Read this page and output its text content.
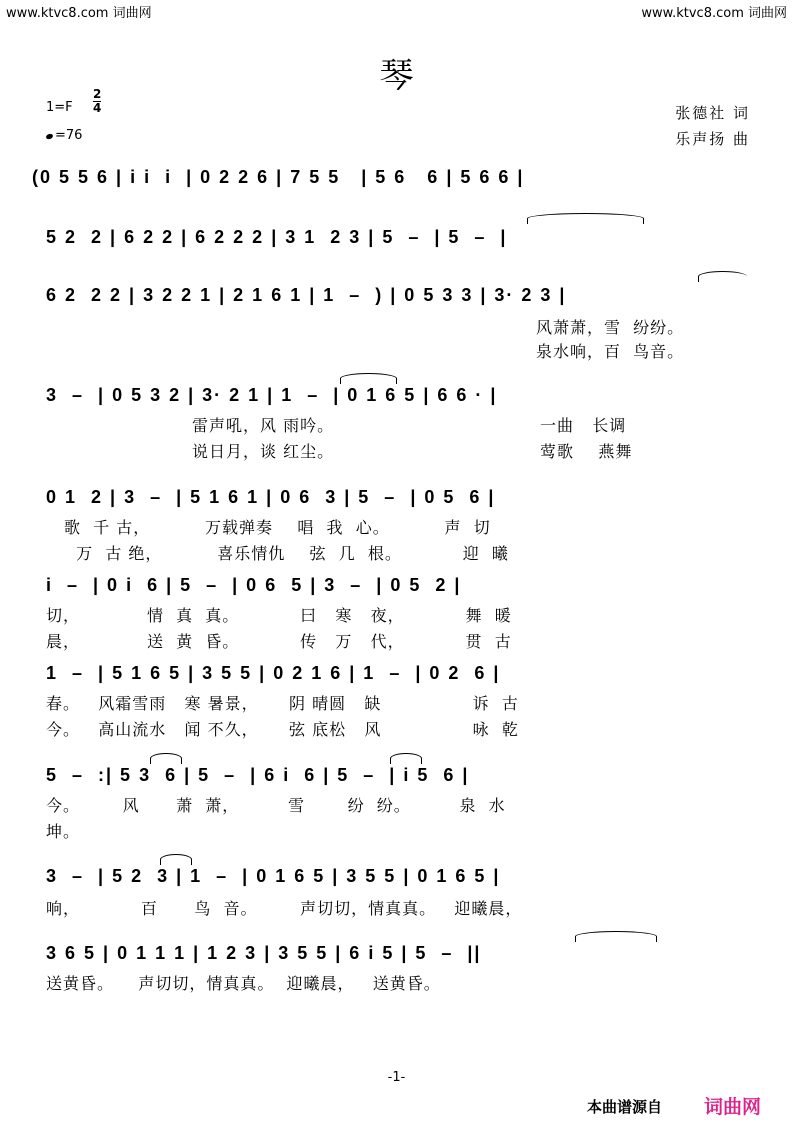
www.ktvc8.com 词曲网	www.ktvc8.com 词曲网
琴
1=F
2
4
=76
张德社 词
乐声扬 曲
(0 5 5 6 | i i  i  | 0 2 2 6 | 7 5 5   | 5 6   6 | 5 6 6 |
5 2  2 | 6 2 2 | 6 2 2 2 | 3 1  2 3 | 5  –  | 5  –  |
6 2  2 2 | 3 2 2 1 | 2 1 6 1 | 1  –  ) | 0 5 3 3 | 3· 2 3 |
风萧萧，雪  纷纷。
泉水响，百  鸟音。
3  –  | 0 5 3 2 | 3· 2 1 | 1  –  | 0 1 6 5 | 6 6 · |
雷声吼，风 雨吟。
说日月，谈 红尘。
一曲   长调
莺歌    燕舞
0 1  2 | 3  –  | 5 1 6 1 | 0 6  3 | 5  –  | 0 5  6 |
歌  千 古，         万载弹奏    唱  我  心。         声  切
万  古 绝，         喜乐情仇    弦  几  根。          迎  曦
i  –  | 0 i  6 | 5  –  | 0 6  5 | 3  –  | 0 5  2 |
切，           情  真  真。          曰   寒   夜，          舞  暖
晨，           送  黄  昏。          传   万   代，          贯  古
1  –  | 5 1 6 5 | 3 5 5 | 0 2 1 6 | 1  –  | 0 2  6 |
春。   风霜雪雨   寒 暑景，     阴 晴圆   缺               诉  古
今。   高山流水   闻 不久，     弦 底松   风               咏  乾
5  –  :| 5 3  6 | 5  –  | 6 i  6 | 5  –  | i 5  6 |
今。       风      萧  萧，        雪       纷  纷。        泉  水
坤。
3  –  | 5 2  3 | 1  –  | 0 1 6 5 | 3 5 5 | 0 1 6 5 |
响，          百      鸟  音。       声切切，情真真。   迎曦晨，
3 6 5 | 0 1 1 1 | 1 2 3 | 3 5 5 | 6 i 5 | 5  –  ||
送黄昏。    声切切，情真真。  迎曦晨，   送黄昏。
-1-
本曲谱源自 词曲网
